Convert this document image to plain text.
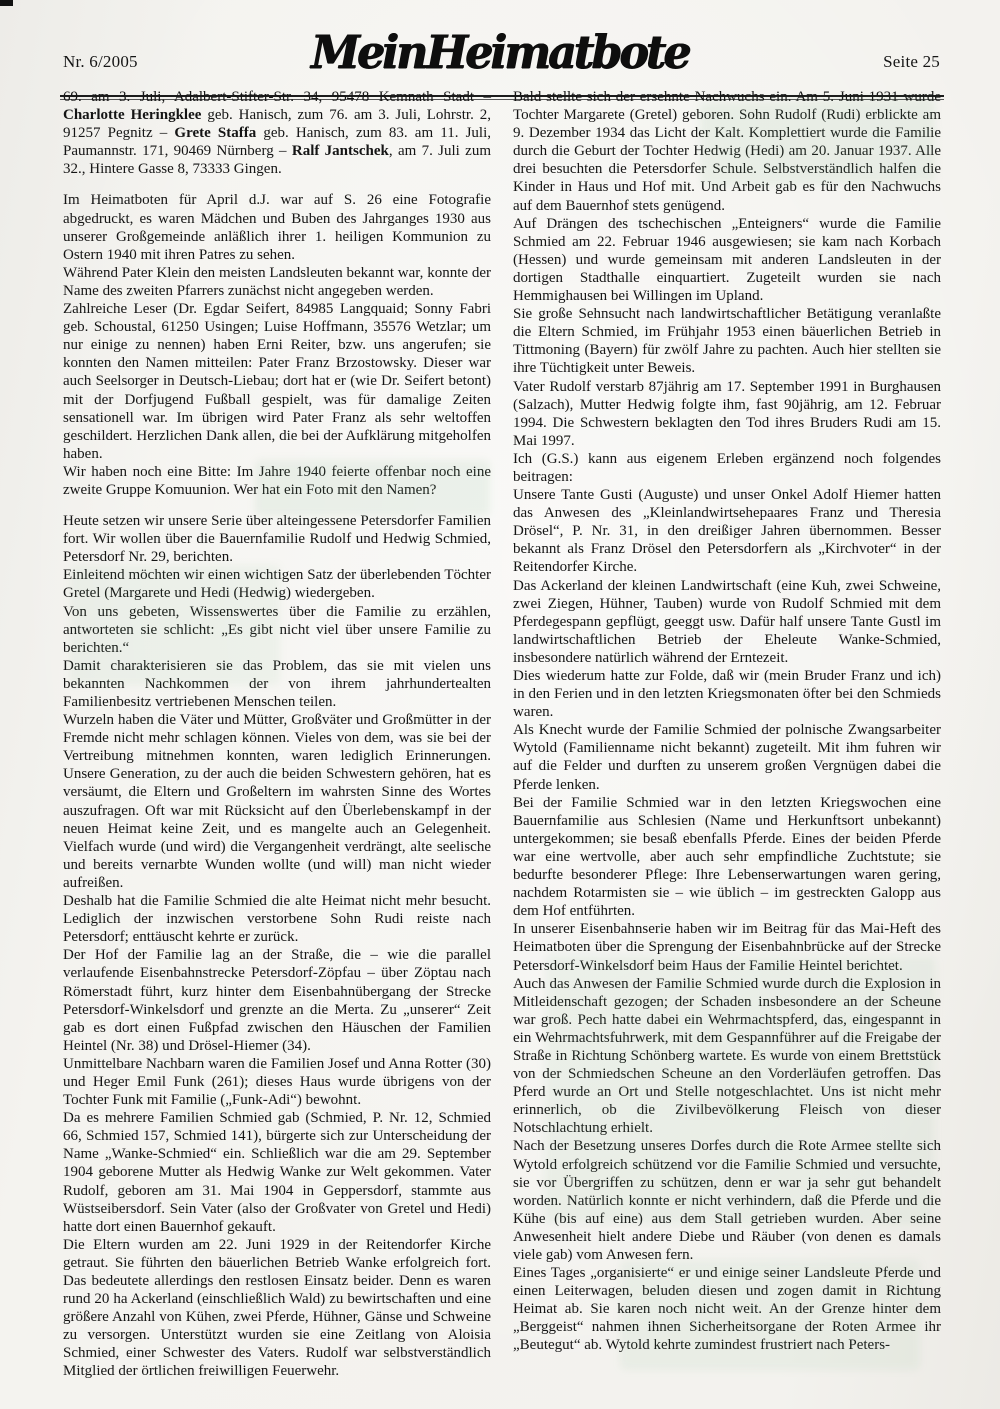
Nr. 6/2005	Mein Heimatbote	Seite 25

69. am 3. Juli, Adalbert-Stifter-Str. 34, 95478 Kemnath Stadt – Charlotte Heringklee geb. Hanisch, zum 76. am 3. Juli, Lohrstr. 2, 91257 Pegnitz – Grete Staffa geb. Hanisch, zum 83. am 11. Juli, Paumannstr. 171, 90469 Nürnberg – Ralf Jantschek, am 7. Juli zum 32., Hintere Gasse 8, 73333 Gingen.

Im Heimatboten für April d.J. war auf S. 26 eine Fotografie abgedruckt, es waren Mädchen und Buben des Jahrganges 1930 aus unserer Großgemeinde anläßlich ihrer 1. heiligen Kommunion zu Ostern 1940 mit ihren Patres zu sehen.

Während Pater Klein den meisten Landsleuten bekannt war, konnte der Name des zweiten Pfarrers zunächst nicht angegeben werden.

Zahlreiche Leser (Dr. Egdar Seifert, 84985 Langquaid; Sonny Fabri geb. Schoustal, 61250 Usingen; Luise Hoffmann, 35576 Wetzlar; um nur einige zu nennen) haben Erni Reiter, bzw. uns angerufen; sie konnten den Namen mitteilen: Pater Franz Brzostowsky. Dieser war auch Seelsorger in Deutsch-Liebau; dort hat er (wie Dr. Seifert betont) mit der Dorfjugend Fußball gespielt, was für damalige Zeiten sensationell war. Im übrigen wird Pater Franz als sehr weltoffen geschildert. Herzlichen Dank allen, die bei der Aufklärung mitgeholfen haben.

Wir haben noch eine Bitte: Im Jahre 1940 feierte offenbar noch eine zweite Gruppe Komuunion. Wer hat ein Foto mit den Namen?

Heute setzen wir unsere Serie über alteingessene Petersdorfer Familien fort. Wir wollen über die Bauernfamilie Rudolf und Hedwig Schmied, Petersdorf Nr. 29, berichten.

Einleitend möchten wir einen wichtigen Satz der überlebenden Töchter Gretel (Margarete und Hedi (Hedwig) wiedergeben.

Von uns gebeten, Wissenswertes über die Familie zu erzählen, antworteten sie schlicht: „Es gibt nicht viel über unsere Familie zu berichten.“

Damit charakterisieren sie das Problem, das sie mit vielen uns bekannten Nachkommen der von ihrem jahrhundertealten Familienbesitz vertriebenen Menschen teilen.

Wurzeln haben die Väter und Mütter, Großväter und Großmütter in der Fremde nicht mehr schlagen können. Vieles von dem, was sie bei der Vertreibung mitnehmen konnten, waren lediglich Erinnerungen. Unsere Generation, zu der auch die beiden Schwestern gehören, hat es versäumt, die Eltern und Großeltern im wahrsten Sinne des Wortes auszufragen. Oft war mit Rücksicht auf den Überlebenskampf in der neuen Heimat keine Zeit, und es mangelte auch an Gelegenheit. Vielfach wurde (und wird) die Vergangenheit verdrängt, alte seelische und bereits vernarbte Wunden wollte (und will) man nicht wieder aufreißen.

Deshalb hat die Familie Schmied die alte Heimat nicht mehr besucht. Lediglich der inzwischen verstorbene Sohn Rudi reiste nach Petersdorf; enttäuscht kehrte er zurück.

Der Hof der Familie lag an der Straße, die – wie die parallel verlaufende Eisenbahnstrecke Petersdorf-Zöpfau – über Zöptau nach Römerstadt führt, kurz hinter dem Eisenbahnübergang der Strecke Petersdorf-Winkelsdorf und grenzte an die Merta. Zu „unserer“ Zeit gab es dort einen Fußpfad zwischen den Häuschen der Familien Heintel (Nr. 38) und Drösel-Hiemer (34).

Unmittelbare Nachbarn waren die Familien Josef und Anna Rotter (30) und Heger Emil Funk (261); dieses Haus wurde übrigens von der Tochter Funk mit Familie („Funk-Adi“) bewohnt.

Da es mehrere Familien Schmied gab (Schmied, P. Nr. 12, Schmied 66, Schmied 157, Schmied 141), bürgerte sich zur Unterscheidung der Name „Wanke-Schmied“ ein. Schließlich war die am 29. September 1904 geborene Mutter als Hedwig Wanke zur Welt gekommen. Vater Rudolf, geboren am 31. Mai 1904 in Geppersdorf, stammte aus Wüstseibersdorf. Sein Vater (also der Großvater von Gretel und Hedi) hatte dort einen Bauernhof gekauft.

Die Eltern wurden am 22. Juni 1929 in der Reitendorfer Kirche getraut. Sie führten den bäuerlichen Betrieb Wanke erfolgreich fort. Das bedeutete allerdings den restlosen Einsatz beider. Denn es waren rund 20 ha Ackerland (einschließlich Wald) zu bewirtschaften und eine größere Anzahl von Kühen, zwei Pferde, Hühner, Gänse und Schweine zu versorgen. Unterstützt wurden sie eine Zeitlang von Aloisia Schmied, einer Schwester des Vaters. Rudolf war selbstverständlich Mitglied der örtlichen freiwilligen Feuerwehr.

Bald stellte sich der ersehnte Nachwuchs ein. Am 5. Juni 1931 wurde Tochter Margarete (Gretel) geboren. Sohn Rudolf (Rudi) erblickte am 9. Dezember 1934 das Licht der Kalt. Komplettiert wurde die Familie durch die Geburt der Tochter Hedwig (Hedi) am 20. Januar 1937. Alle drei besuchten die Petersdorfer Schule. Selbstverständlich halfen die Kinder in Haus und Hof mit. Und Arbeit gab es für den Nachwuchs auf dem Bauernhof stets genügend.

Auf Drängen des tschechischen „Enteigners“ wurde die Familie Schmied am 22. Februar 1946 ausgewiesen; sie kam nach Korbach (Hessen) und wurde gemeinsam mit anderen Landsleuten in der dortigen Stadthalle einquartiert. Zugeteilt wurden sie nach Hemmighausen bei Willingen im Upland.

Sie große Sehnsucht nach landwirtschaftlicher Betätigung veranlaßte die Eltern Schmied, im Frühjahr 1953 einen bäuerlichen Betrieb in Tittmoning (Bayern) für zwölf Jahre zu pachten. Auch hier stellten sie ihre Tüchtigkeit unter Beweis.

Vater Rudolf verstarb 87jährig am 17. September 1991 in Burghausen (Salzach), Mutter Hedwig folgte ihm, fast 90jährig, am 12. Februar 1994. Die Schwestern beklagten den Tod ihres Bruders Rudi am 15. Mai 1997.

Ich (G.S.) kann aus eigenem Erleben ergänzend noch folgendes beitragen:

Unsere Tante Gusti (Auguste) und unser Onkel Adolf Hiemer hatten das Anwesen des „Kleinlandwirtsehepaares Franz und Theresia Drösel“, P. Nr. 31, in den dreißiger Jahren übernommen. Besser bekannt als Franz Drösel den Petersdorfern als „Kirchvoter“ in der Reitendorfer Kirche.

Das Ackerland der kleinen Landwirtschaft (eine Kuh, zwei Schweine, zwei Ziegen, Hühner, Tauben) wurde von Rudolf Schmied mit dem Pferdegespann gepflügt, geeggt usw. Dafür half unsere Tante Gustl im landwirtschaftlichen Betrieb der Eheleute Wanke-Schmied, insbesondere natürlich während der Erntezeit.

Dies wiederum hatte zur Folde, daß wir (mein Bruder Franz und ich) in den Ferien und in den letzten Kriegsmonaten öfter bei den Schmieds waren.

Als Knecht wurde der Familie Schmied der polnische Zwangsarbeiter Wytold (Familienname nicht bekannt) zugeteilt. Mit ihm fuhren wir auf die Felder und durften zu unserem großen Vergnügen dabei die Pferde lenken.

Bei der Familie Schmied war in den letzten Kriegswochen eine Bauernfamilie aus Schlesien (Name und Herkunftsort unbekannt) untergekommen; sie besaß ebenfalls Pferde. Eines der beiden Pferde war eine wertvolle, aber auch sehr empfindliche Zuchtstute; sie bedurfte besonderer Pflege: Ihre Lebenserwartungen waren gering, nachdem Rotarmisten sie – wie üblich – im gestreckten Galopp aus dem Hof entführten.

In unserer Eisenbahnserie haben wir im Beitrag für das Mai-Heft des Heimatboten über die Sprengung der Eisenbahnbrücke auf der Strecke Petersdorf-Winkelsdorf beim Haus der Familie Heintel berichtet.

Auch das Anwesen der Familie Schmied wurde durch die Explosion in Mitleidenschaft gezogen; der Schaden insbesondere an der Scheune war groß. Pech hatte dabei ein Wehrmachtspferd, das, eingespannt in ein Wehrmachtsfuhrwerk, mit dem Gespannführer auf die Freigabe der Straße in Richtung Schönberg wartete. Es wurde von einem Brettstück von der Schmiedschen Scheune an den Vorderläufen getroffen. Das Pferd wurde an Ort und Stelle notgeschlachtet. Uns ist nicht mehr erinnerlich, ob die Zivilbevölkerung Fleisch von dieser Notschlachtung erhielt.

Nach der Besetzung unseres Dorfes durch die Rote Armee stellte sich Wytold erfolgreich schützend vor die Familie Schmied und versuchte, sie vor Übergriffen zu schützen, denn er war ja sehr gut behandelt worden. Natürlich konnte er nicht verhindern, daß die Pferde und die Kühe (bis auf eine) aus dem Stall getrieben wurden. Aber seine Anwesenheit hielt andere Diebe und Räuber (von denen es damals viele gab) vom Anwesen fern.

Eines Tages „organisierte“ er und einige seiner Landsleute Pferde und einen Leiterwagen, beluden diesen und zogen damit in Richtung Heimat ab. Sie karen noch nicht weit. An der Grenze hinter dem „Berggeist“ nahmen ihnen Sicherheitsorgane der Roten Armee ihr „Beutegut“ ab. Wytold kehrte zumindest frustriert nach Peters-
